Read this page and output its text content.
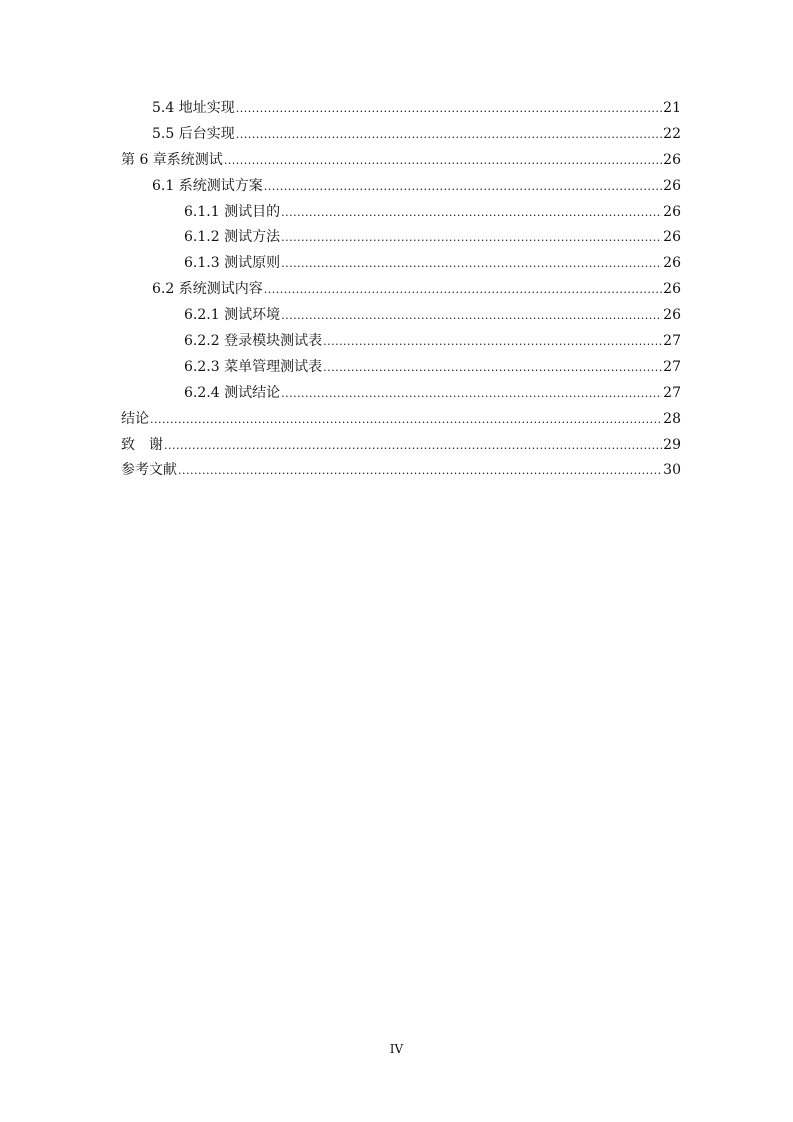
5.4 地址实现 .....	21
5.5 后台实现 .....	22
第 6 章系统测试 .....	26
6.1 系统测试方案 .....	26
6.1.1 测试目的 .....	26
6.1.2 测试方法 .....	26
6.1.3 测试原则 .....	26
6.2 系统测试内容 .....	26
6.2.1 测试环境 .....	26
6.2.2 登录模块测试表 .....	27
6.2.3 菜单管理测试表 .....	27
6.2.4 测试结论 .....	27
结论 .....	28
致　谢 .....	29
参考文献 .....	30
IV
